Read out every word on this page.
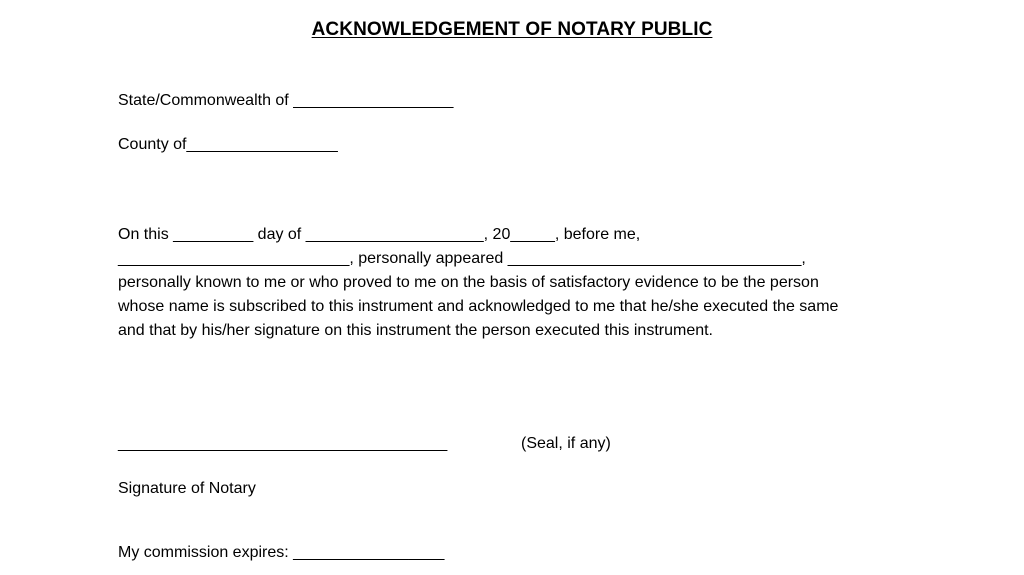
ACKNOWLEDGEMENT OF NOTARY PUBLIC
State/Commonwealth of __________________
County of_________________
On this _________ day of ____________________, 20_____, before me,
__________________________, personally appeared _________________________________,
personally known to me or who proved to me on the basis of satisfactory evidence to be the person
whose name is subscribed to this instrument and acknowledged to me that he/she executed the same
and that by his/her signature on this instrument the person executed this instrument.
_____________________________________	(Seal, if any)
Signature of Notary
My commission expires: _________________
